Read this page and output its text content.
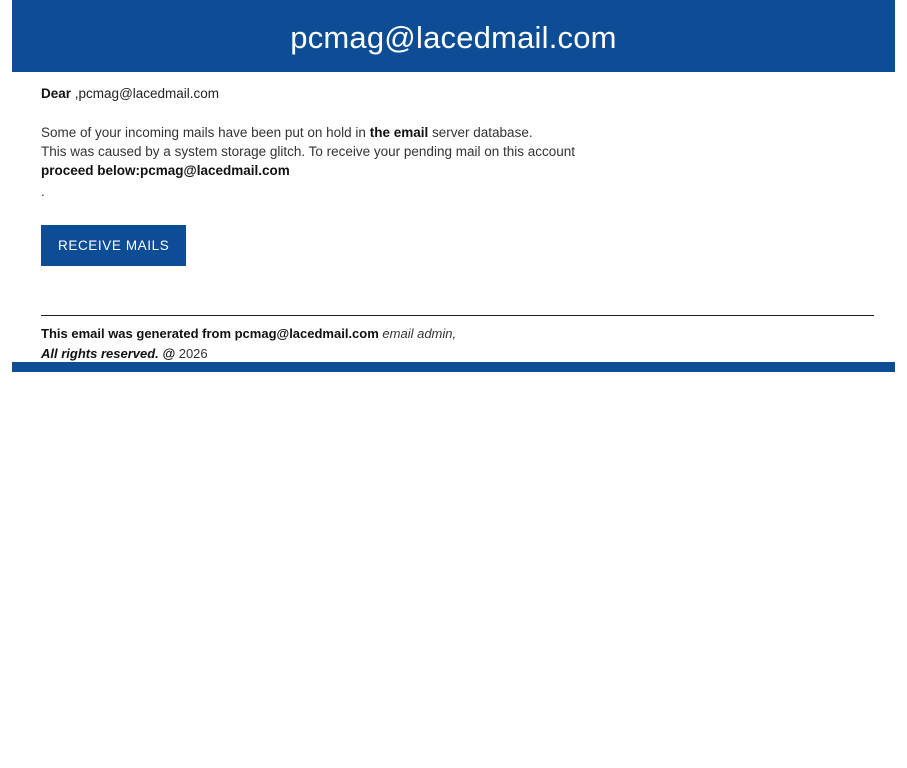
pcmag@lacedmail.com
Dear ,pcmag@lacedmail.com
Some of your incoming mails have been put on hold in the email server database.
This was caused by a system storage glitch. To receive your pending mail on this account
proceed below:pcmag@lacedmail.com
.
RECEIVE MAILS
This email was generated from pcmag@lacedmail.com email admin,
All rights reserved. @ 2026
